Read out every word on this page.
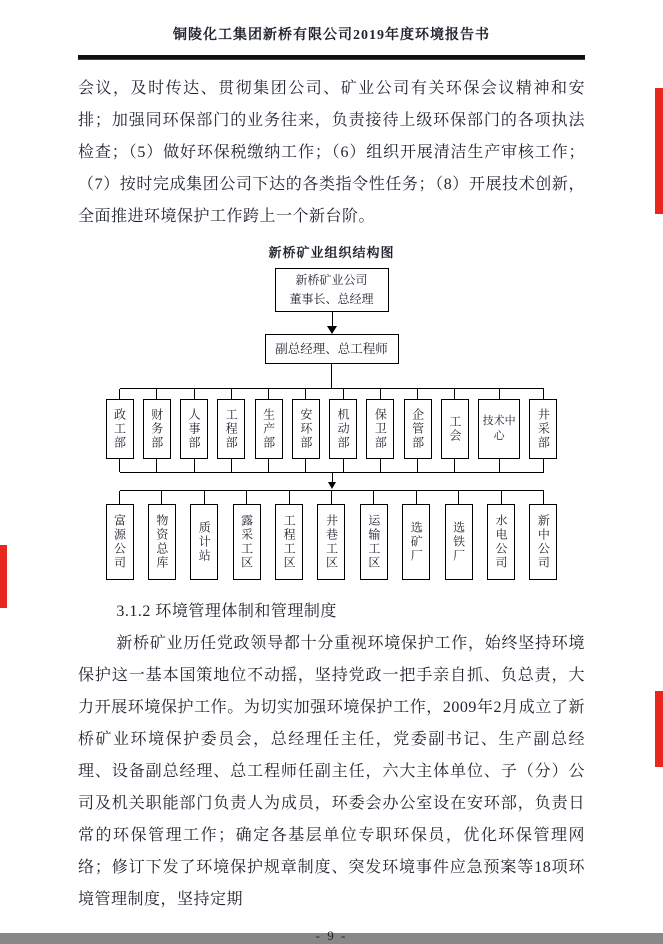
铜陵化工集团新桥有限公司2019年度环境报告书

会议，及时传达、贯彻集团公司、矿业公司有关环保会议精神和安排；加强同环保部门的业务往来，负责接待上级环保部门的各项执法检查；（5）做好环保税缴纳工作；（6）组织开展清洁生产审核工作；（7）按时完成集团公司下达的各类指令性任务；（8）开展技术创新，全面推进环境保护工作跨上一个新台阶。

新桥矿业组织结构图
新桥矿业公司
董事长、总经理
副总经理、总工程师
政工部	财务部	人事部	工程部	生产部	安环部	机动部	保卫部	企管部	工会	技术中心	井采部
富源公司	物资总库	质计站	露采工区	工程工区	井巷工区	运输工区	选矿厂	选铁厂	水电公司	新中公司

3.1.2 环境管理体制和管理制度

新桥矿业历任党政领导都十分重视环境保护工作，始终坚持环境保护这一基本国策地位不动摇，坚持党政一把手亲自抓、负总责，大力开展环境保护工作。为切实加强环境保护工作，2009年2月成立了新桥矿业环境保护委员会，总经理任主任，党委副书记、生产副总经理、设备副总经理、总工程师任副主任，六大主体单位、子（分）公司及机关职能部门负责人为成员，环委会办公室设在安环部，负责日常的环保管理工作；确定各基层单位专职环保员，优化环保管理网络；修订下发了环境保护规章制度、突发环境事件应急预案等18项环境管理制度，坚持定期

- 9 -
